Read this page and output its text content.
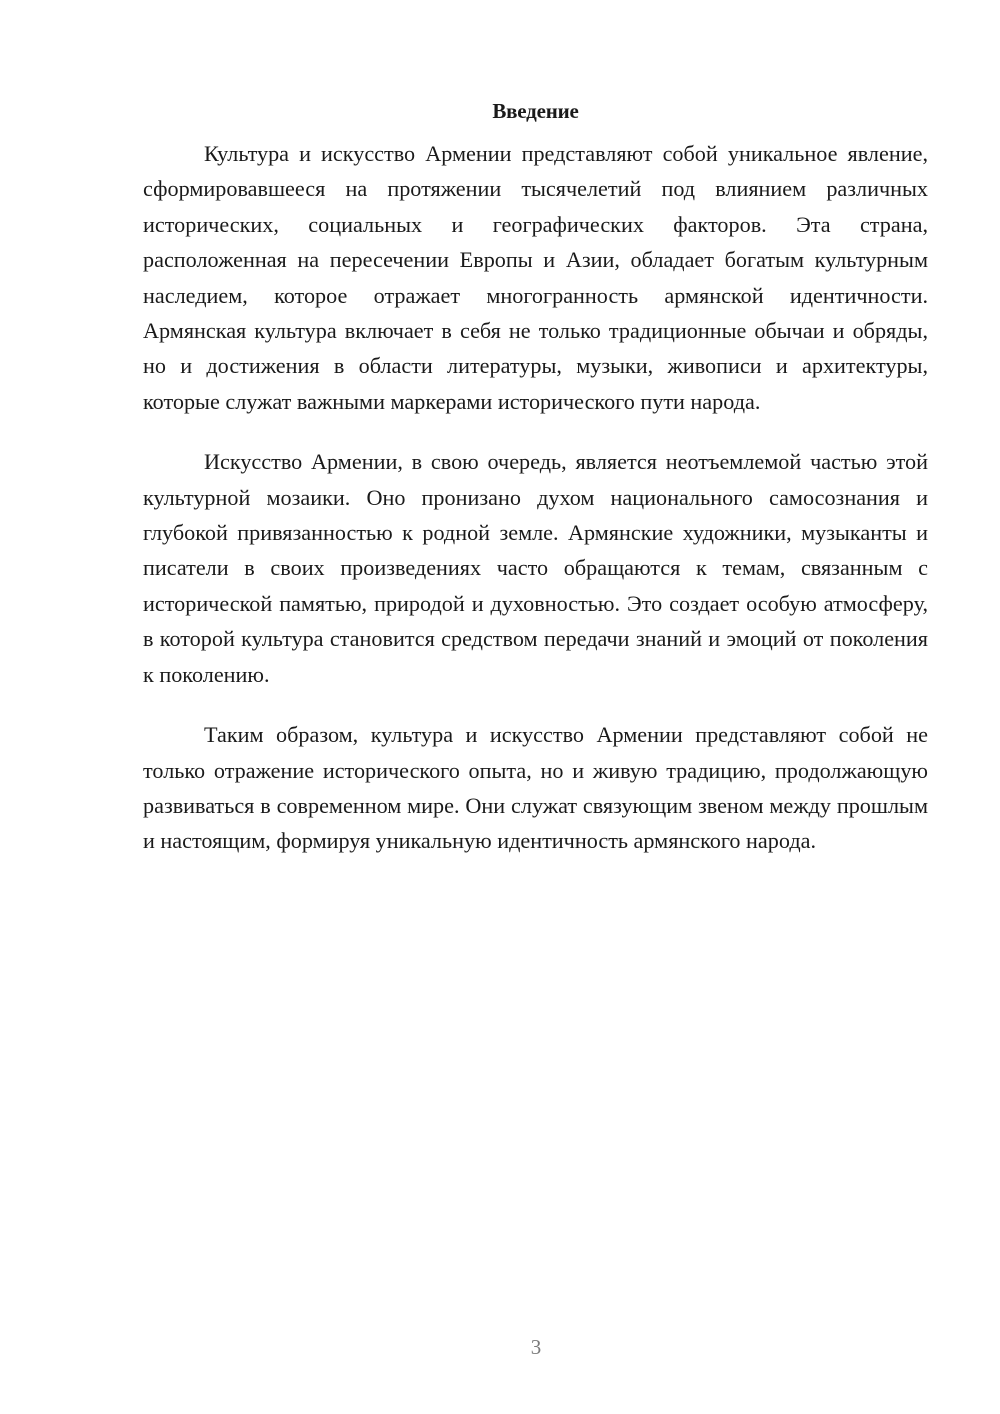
Введение

Культура и искусство Армении представляют собой уникальное явление, сформировавшееся на протяжении тысячелетий под влиянием различных исторических, социальных и географических факторов. Эта страна, расположенная на пересечении Европы и Азии, обладает богатым культурным наследием, которое отражает многогранность армянской идентичности. Армянская культура включает в себя не только традиционные обычаи и обряды, но и достижения в области литературы, музыки, живописи и архитектуры, которые служат важными маркерами исторического пути народа.

Искусство Армении, в свою очередь, является неотъемлемой частью этой культурной мозаики. Оно пронизано духом национального самосознания и глубокой привязанностью к родной земле. Армянские художники, музыканты и писатели в своих произведениях часто обращаются к темам, связанным с исторической памятью, природой и духовностью. Это создает особую атмосферу, в которой культура становится средством передачи знаний и эмоций от поколения к поколению.

Таким образом, культура и искусство Армении представляют собой не только отражение исторического опыта, но и живую традицию, продолжающую развиваться в современном мире. Они служат связующим звеном между прошлым и настоящим, формируя уникальную идентичность армянского народа.

3
